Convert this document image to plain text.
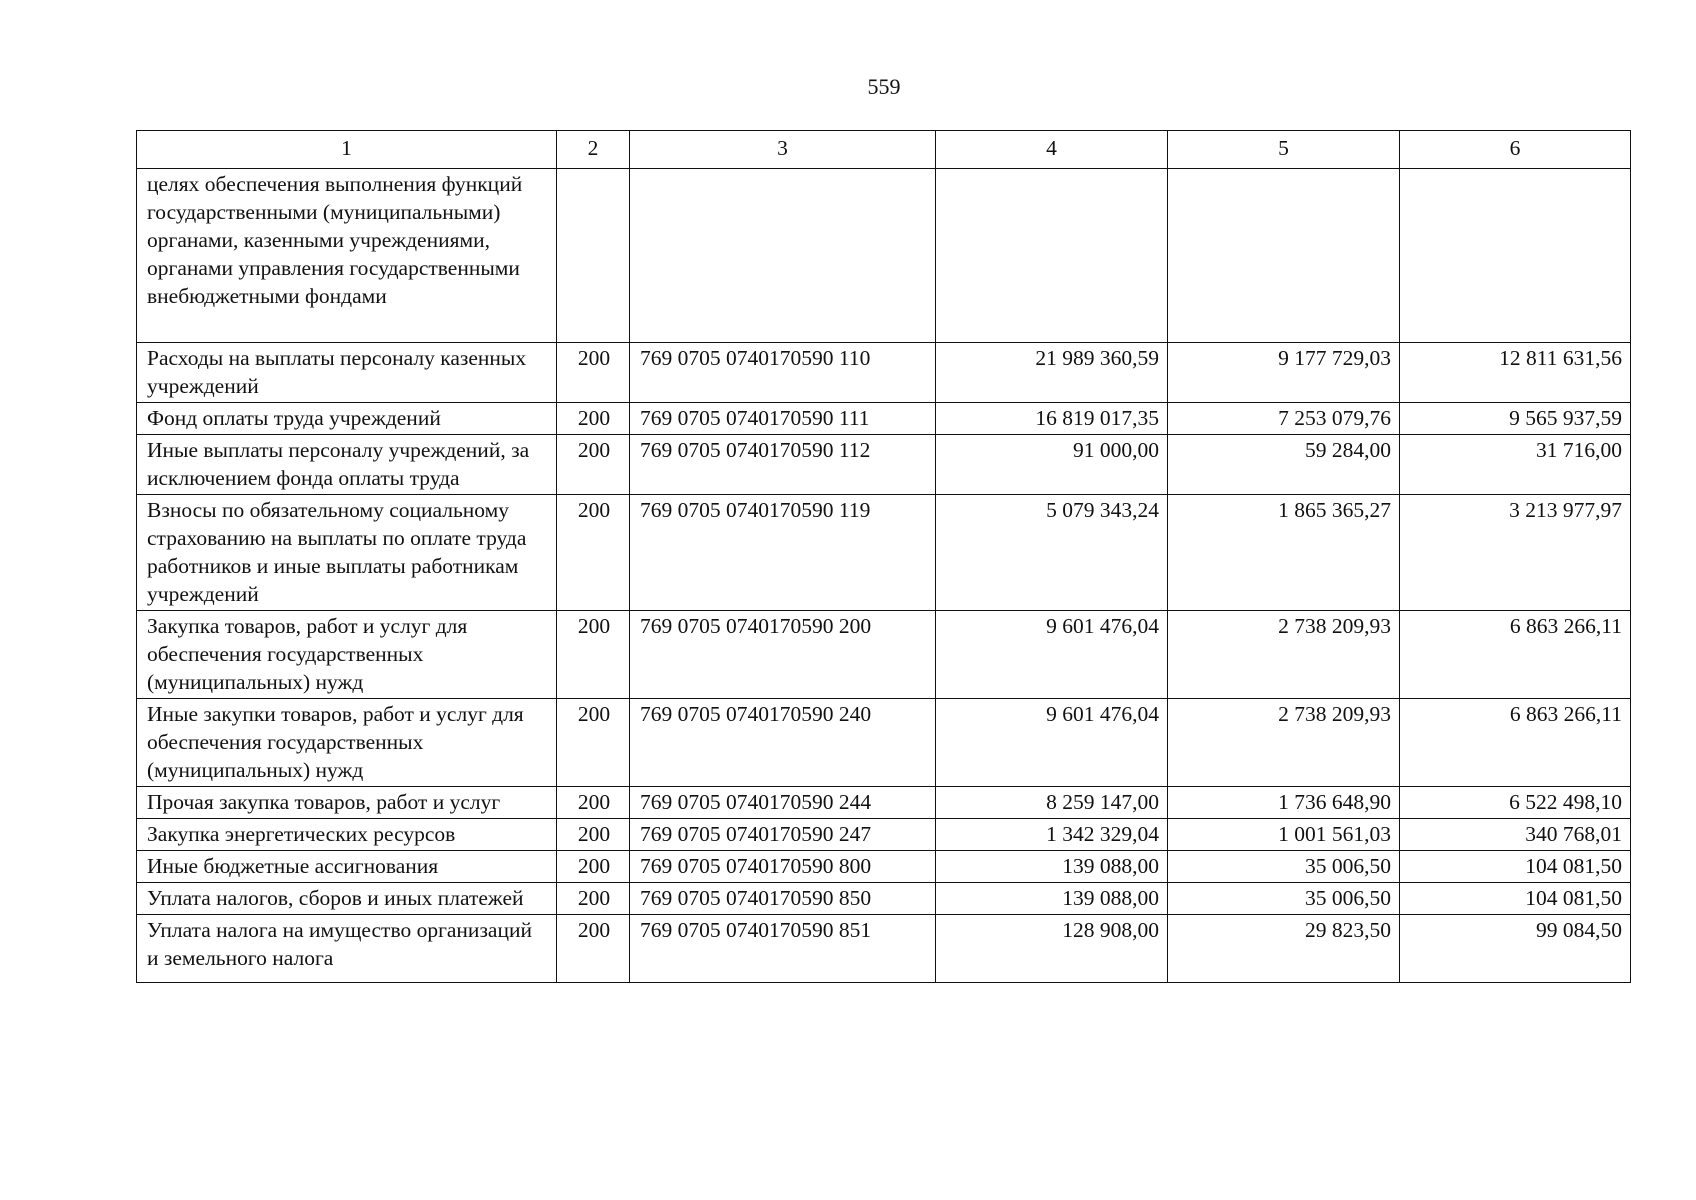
559
1	2	3	4	5	6
целях обеспечения выполнения функций государственными (муниципальными) органами, казенными учреждениями, органами управления государственными внебюджетными фондами					
Расходы на выплаты персоналу казенных учреждений	200	769 0705 0740170590 110	21 989 360,59	9 177 729,03	12 811 631,56
Фонд оплаты труда учреждений	200	769 0705 0740170590 111	16 819 017,35	7 253 079,76	9 565 937,59
Иные выплаты персоналу учреждений, за исключением фонда оплаты труда	200	769 0705 0740170590 112	91 000,00	59 284,00	31 716,00
Взносы по обязательному социальному страхованию на выплаты по оплате труда работников и иные выплаты работникам учреждений	200	769 0705 0740170590 119	5 079 343,24	1 865 365,27	3 213 977,97
Закупка товаров, работ и услуг для обеспечения государственных (муниципальных) нужд	200	769 0705 0740170590 200	9 601 476,04	2 738 209,93	6 863 266,11
Иные закупки товаров, работ и услуг для обеспечения государственных (муниципальных) нужд	200	769 0705 0740170590 240	9 601 476,04	2 738 209,93	6 863 266,11
Прочая закупка товаров, работ и услуг	200	769 0705 0740170590 244	8 259 147,00	1 736 648,90	6 522 498,10
Закупка энергетических ресурсов	200	769 0705 0740170590 247	1 342 329,04	1 001 561,03	340 768,01
Иные бюджетные ассигнования	200	769 0705 0740170590 800	139 088,00	35 006,50	104 081,50
Уплата налогов, сборов и иных платежей	200	769 0705 0740170590 850	139 088,00	35 006,50	104 081,50
Уплата налога на имущество организаций и земельного налога	200	769 0705 0740170590 851	128 908,00	29 823,50	99 084,50
